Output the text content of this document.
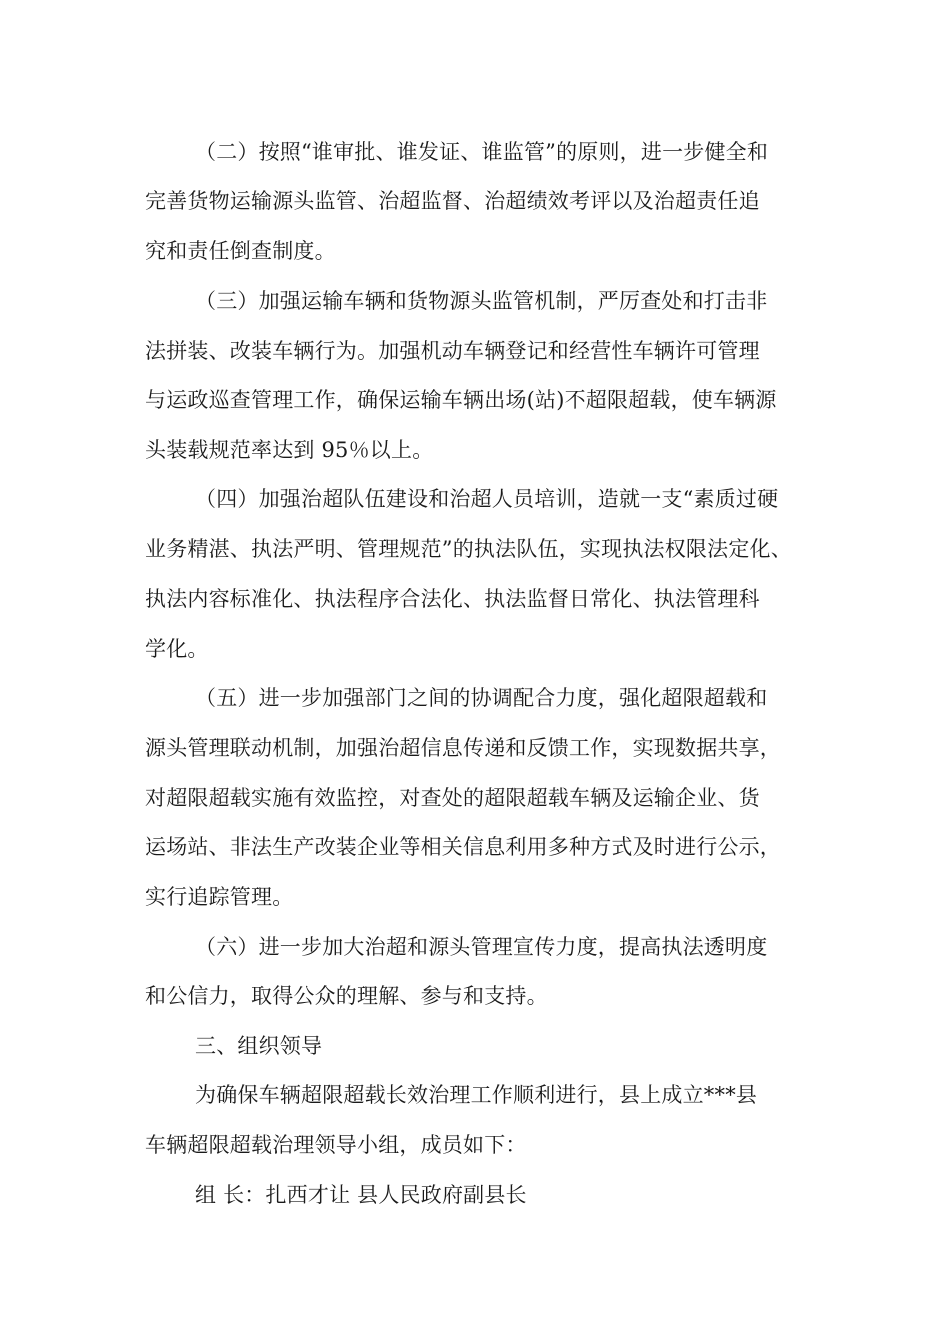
（二）按照“谁审批、谁发证、谁监管”的原则，进一步健全和
完善货物运输源头监管、治超监督、治超绩效考评以及治超责任追
究和责任倒查制度。
（三）加强运输车辆和货物源头监管机制，严厉查处和打击非
法拼装、改装车辆行为。加强机动车辆登记和经营性车辆许可管理
与运政巡查管理工作，确保运输车辆出场(站)不超限超载，使车辆源
头装载规范率达到 95％以上。
（四）加强治超队伍建设和治超人员培训，造就一支“素质过硬
业务精湛、执法严明、管理规范”的执法队伍，实现执法权限法定化、
执法内容标准化、执法程序合法化、执法监督日常化、执法管理科
学化。
（五）进一步加强部门之间的协调配合力度，强化超限超载和
源头管理联动机制，加强治超信息传递和反馈工作，实现数据共享，
对超限超载实施有效监控，对查处的超限超载车辆及运输企业、货
运场站、非法生产改装企业等相关信息利用多种方式及时进行公示，
实行追踪管理。
（六）进一步加大治超和源头管理宣传力度，提高执法透明度
和公信力，取得公众的理解、参与和支持。
三、组织领导
为确保车辆超限超载长效治理工作顺利进行，县上成立***县
车辆超限超载治理领导小组，成员如下：
组 长：扎西才让 县人民政府副县长
